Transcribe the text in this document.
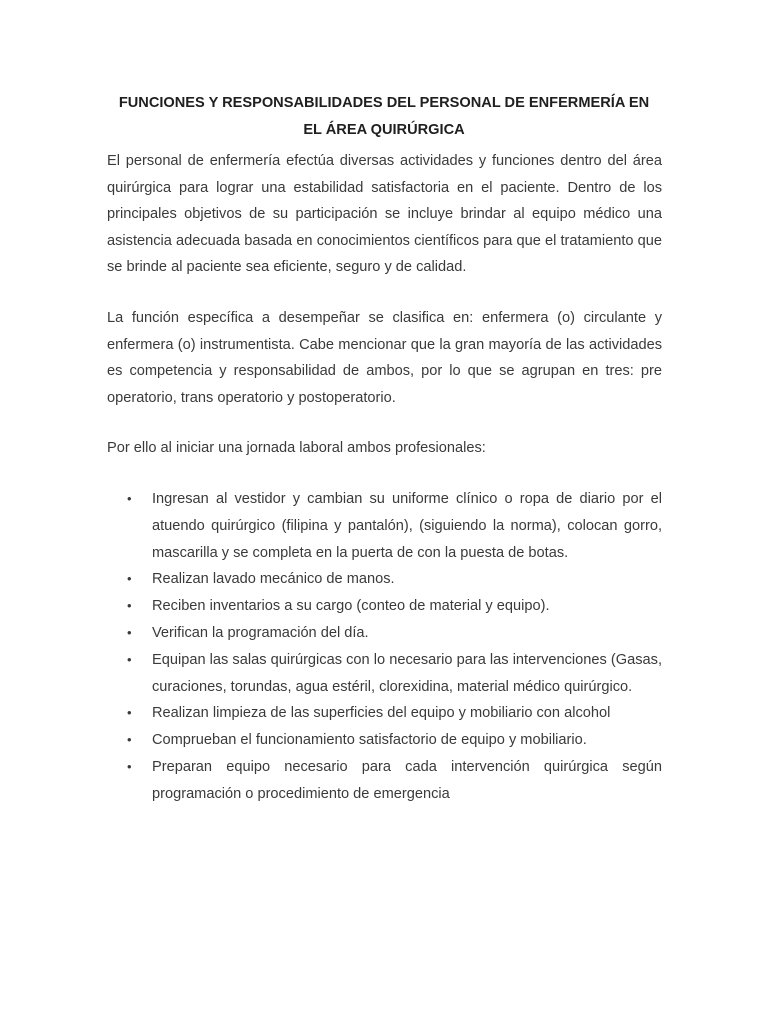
FUNCIONES Y RESPONSABILIDADES DEL PERSONAL DE ENFERMERÍA EN
EL ÁREA QUIRÚRGICA

El personal de enfermería efectúa diversas actividades y funciones dentro del área quirúrgica para lograr una estabilidad satisfactoria en el paciente. Dentro de los principales objetivos de su participación se incluye brindar al equipo médico una asistencia adecuada basada en conocimientos científicos para que el tratamiento que se brinde al paciente sea eficiente, seguro y de calidad.

La función específica a desempeñar se clasifica en: enfermera (o) circulante y enfermera (o) instrumentista. Cabe mencionar que la gran mayoría de las actividades es competencia y responsabilidad de ambos, por lo que se agrupan en tres: pre operatorio, trans operatorio y postoperatorio.

Por ello al iniciar una jornada laboral ambos profesionales:

•	Ingresan al vestidor y cambian su uniforme clínico o ropa de diario por el atuendo quirúrgico (filipina y pantalón), (siguiendo la norma), colocan gorro, mascarilla y se completa en la puerta de con la puesta de botas.
•	Realizan lavado mecánico de manos.
•	Reciben inventarios a su cargo (conteo de material y equipo).
•	Verifican la programación del día.
•	Equipan las salas quirúrgicas con lo necesario para las intervenciones (Gasas, curaciones, torundas, agua estéril, clorexidina, material médico quirúrgico.
•	Realizan limpieza de las superficies del equipo y mobiliario con alcohol
•	Comprueban el funcionamiento satisfactorio de equipo y mobiliario.
•	Preparan equipo necesario para cada intervención quirúrgica según programación o procedimiento de emergencia
